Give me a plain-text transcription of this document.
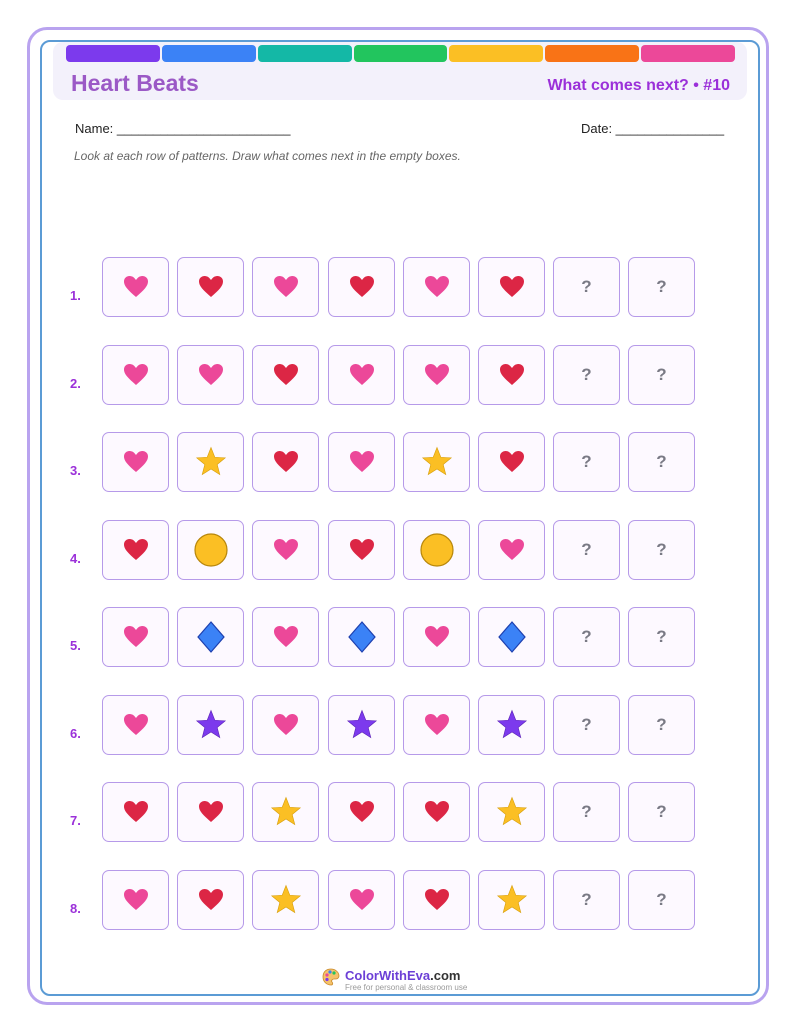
Heart Beats	What comes next? • #10
Name: ________________________	Date: _______________
Look at each row of patterns. Draw what comes next in the empty boxes.
1.	?	?
2.	?	?
3.	?	?
4.	?	?
5.	?	?
6.	?	?
7.	?	?
8.	?	?
ColorWithEva.com
Free for personal & classroom use
